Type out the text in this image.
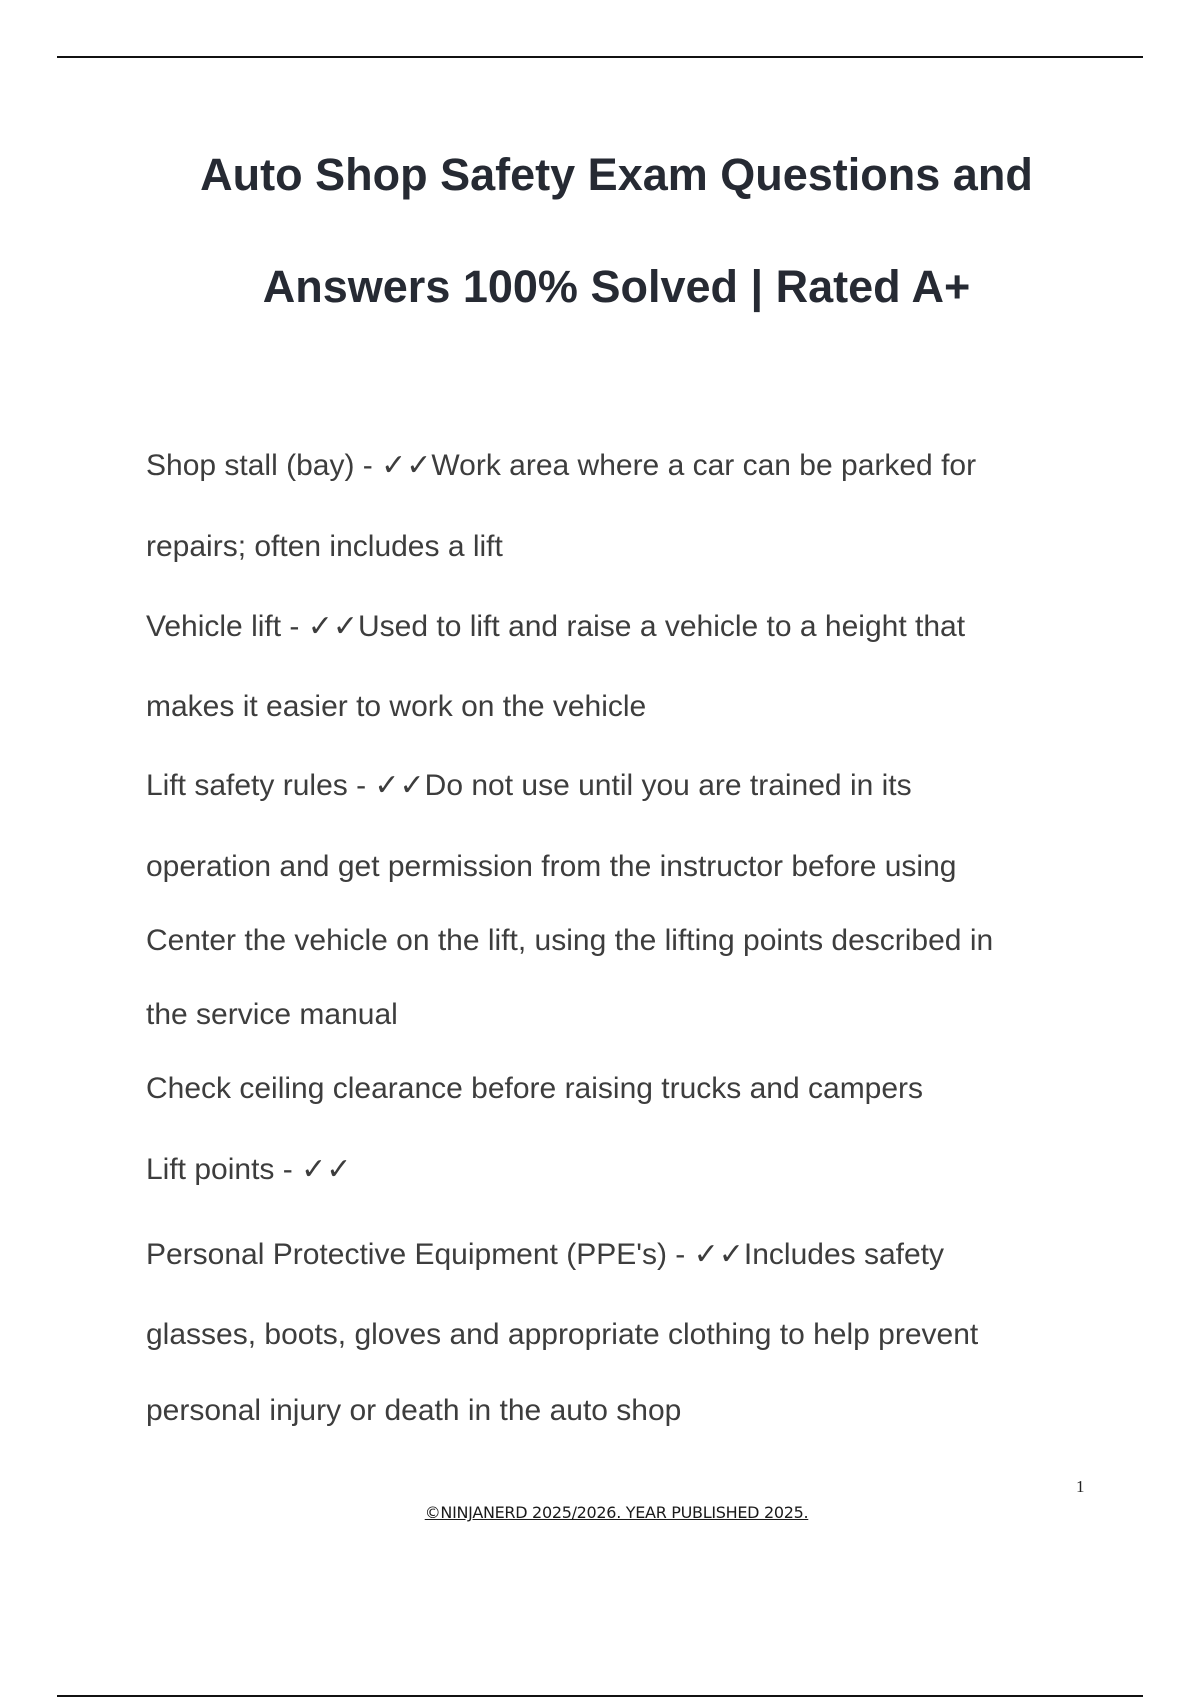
Auto Shop Safety Exam Questions and
Answers 100% Solved | Rated A+
Shop stall (bay) - ✓✓Work area where a car can be parked for
repairs; often includes a lift
Vehicle lift - ✓✓Used to lift and raise a vehicle to a height that
makes it easier to work on the vehicle
Lift safety rules - ✓✓Do not use until you are trained in its
operation and get permission from the instructor before using
Center the vehicle on the lift, using the lifting points described in
the service manual
Check ceiling clearance before raising trucks and campers
Lift points - ✓✓
Personal Protective Equipment (PPE's) - ✓✓Includes safety
glasses, boots, gloves and appropriate clothing to help prevent
personal injury or death in the auto shop
1
©NINJANERD 2025/2026. YEAR PUBLISHED 2025.
